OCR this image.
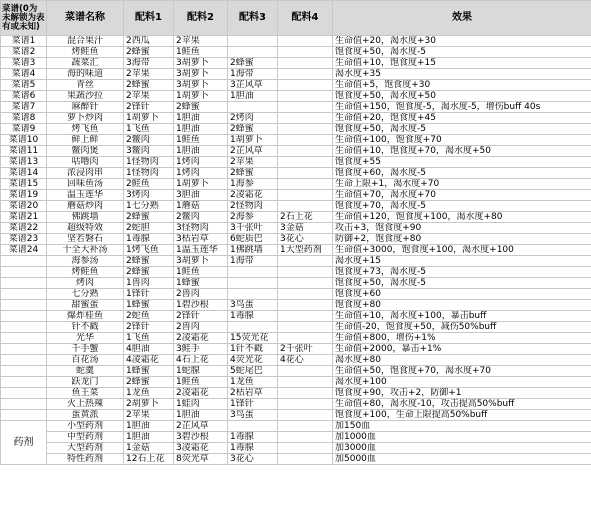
菜谱(0为
未解锁为表
有或未知)	菜谱名称	配料1	配料2	配料3	配料4	效果
菜谱1	混合果汁	2西瓜	2苹果			生命值+20，渴水度+30
菜谱2	烤鲑鱼	2蜂蜜	1鲑鱼			饱食度+50，渴水度-5
菜谱3	蔬菜汇	3海带	3胡萝卜	2蜂蜜		生命值+10，饱食度+15
菜谱4	海的味道	2苹果	3胡萝卜	1海带		渴水度+35
菜谱5	青丝	2蜂蜜	3胡萝卜	3芷风草		生命值+5，饱食度+30
菜谱6	果蔬沙拉	2苹果	1胡萝卜	1胆油		饱食度+50，渴水度+50
菜谱7	麻醉针	2锋针	2蜂蜜			生命值+150，饱食度-5，渴水度-5，增伤buff 40s
菜谱8	萝卜炒肉	1胡萝卜	1胆油	2烤肉		生命值+20，饱食度+45
菜谱9	烤飞鱼	1飞鱼	1胆油	2蜂蜜		饱食度+50，渴水度-5
菜谱10	鲜上鲜	2鳖肉	1鲑鱼	1胡萝卜		生命值+100，饱食度+70
菜谱11	鳖肉煲	3鳖肉	1胆油	2芷风草		生命值+10，饱食度+70，渴水度+50
菜谱13	咕噜肉	1怪物肉	1烤肉	2苹果		饱食度+55
菜谱14	浓浸肉串	1怪物肉	1烤肉	2蜂蜜		饱食度+60，渴水度-5
菜谱15	回味鱼汤	2鲑鱼	1胡萝卜	1海参		生命上限+1，渴水度+70
菜谱19	温玉莲华	3烤肉	3胆油	2凌霜花		生命值+70，渴水度+70
菜谱20	蘑菇炒肉	1七分熟	1蘑菇	2怪物肉		饱食度+70，渴水度-5
菜谱21	佛跳墙	2蜂蜜	2鳖肉	2海参	2石上花	生命值+120，饱食度+100，渴水度+80
菜谱22	超级特效	2蛇胆	3怪物肉	3千张叶	3金菇	攻击+3，饱食度+90
菜谱23	坚若磐石	1毒腺	3枯岩草	6蛇质巴	3花心	防御+2，饱食度+80
菜谱24	十全大补汤	1烤飞鱼	1温玉莲华	1佛跳墙	1大型药剂	生命值+3000，饱食度+100，渴水度+100
	海参汤	2蜂蜜	3胡萝卜	1海带		渴水度+15
	烤鲑鱼	2蜂蜜	1鲑鱼			饱食度+73，渴水度-5
	烤肉	1兽肉	1蜂蜜			饱食度+50，渴水度-5
	七分熟	1锋针	2兽肉			饱食度+60
	甜蜜蛋	1蜂蜜	1碧沙根	3鸟蛋		饱食度+80
	爆炸桂鱼	2蛇鱼	2锋针	1毒腺		生命值+10，渴水度+100，暴击buff
	针不戳	2锋针	2兽肉			生命值-20，饱食度+50，减伤50%buff
	光华	1飞鱼	2凌霜花	15荧光花		生命值+800，增伤+1%
	千手蟹	4胆油	3鲑手	1针不戳	2千张叶	生命值+2000，暴击+1%
	百花汤	4凌霜花	4石上花	4荧光花	4花心	渴水度+80
	蛇羹	1蜂蜜	1蛇腺	5蛇尾巴		生命值+50，饱食度+70，渴水度+70
	跃龙门	2蜂蜜	1鲑鱼	1龙鱼		渴水度+100
	鱼王菜	1龙鱼	2凌霜花	2枯岩草		饱食度+90，攻击+2，防御+1
	火上热辣	2胡萝卜	1蛙肉	1锋针		生命值+80，渴水度-10，攻击提高50%buff
	蛋黄派	2苹果	1胆油	3鸟蛋		饱食度+100，生命上限提高50%buff
药剂	小型药剂	1胆油	2芷风草			加150血
	中型药剂	1胆油	3碧沙根	1毒腺		加1000血
	大型药剂	1金菇	3凌霜花	1毒腺		加3000血
	特性药剂	12石上花	8荧光草	3花心		加5000血
